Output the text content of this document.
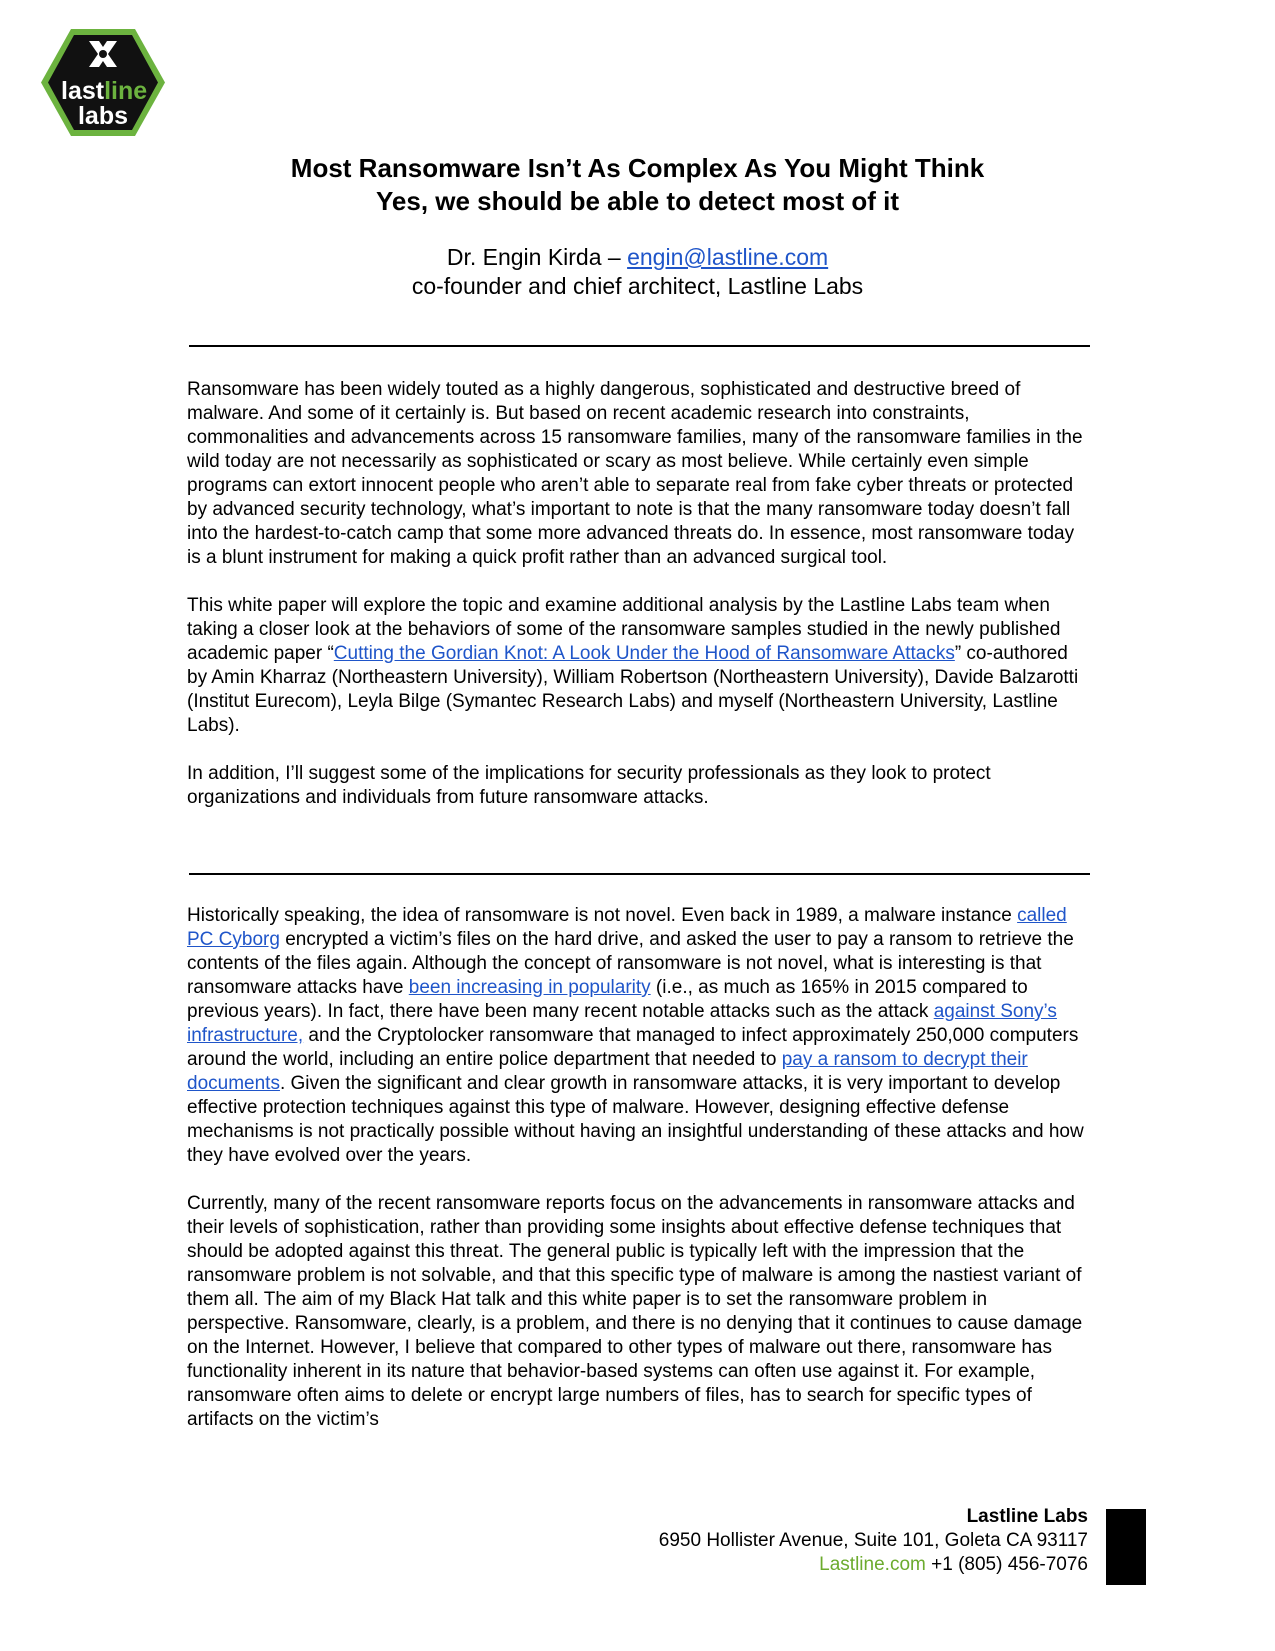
lastline
labs
Most Ransomware Isn’t As Complex As You Might Think
Yes, we should be able to detect most of it
Dr. Engin Kirda – engin@lastline.com
co-founder and chief architect, Lastline Labs

Ransomware has been widely touted as a highly dangerous, sophisticated and destructive breed of malware. And some of it certainly is. But based on recent academic research into constraints, commonalities and advancements across 15 ransomware families, many of the ransomware families in the wild today are not necessarily as sophisticated or scary as most believe. While certainly even simple programs can extort innocent people who aren’t able to separate real from fake cyber threats or protected by advanced security technology, what’s important to note is that the many ransomware today doesn’t fall into the hardest-to-catch camp that some more advanced threats do. In essence, most ransomware today is a blunt instrument for making a quick profit rather than an advanced surgical tool.

This white paper will explore the topic and examine additional analysis by the Lastline Labs team when taking a closer look at the behaviors of some of the ransomware samples studied in the newly published academic paper “Cutting the Gordian Knot: A Look Under the Hood of Ransomware Attacks” co-authored by Amin Kharraz (Northeastern University), William Robertson (Northeastern University), Davide Balzarotti (Institut Eurecom), Leyla Bilge (Symantec Research Labs) and myself (Northeastern University, Lastline Labs).

In addition, I’ll suggest some of the implications for security professionals as they look to protect organizations and individuals from future ransomware attacks.

Historically speaking, the idea of ransomware is not novel. Even back in 1989, a malware instance called PC Cyborg encrypted a victim’s files on the hard drive, and asked the user to pay a ransom to retrieve the contents of the files again. Although the concept of ransomware is not novel, what is interesting is that ransomware attacks have been increasing in popularity (i.e., as much as 165% in 2015 compared to previous years). In fact, there have been many recent notable attacks such as the attack against Sony’s infrastructure, and the Cryptolocker ransomware that managed to infect approximately 250,000 computers around the world, including an entire police department that needed to pay a ransom to decrypt their documents. Given the significant and clear growth in ransomware attacks, it is very important to develop effective protection techniques against this type of malware. However, designing effective defense mechanisms is not practically possible without having an insightful understanding of these attacks and how they have evolved over the years.

Currently, many of the recent ransomware reports focus on the advancements in ransomware attacks and their levels of sophistication, rather than providing some insights about effective defense techniques that should be adopted against this threat. The general public is typically left with the impression that the ransomware problem is not solvable, and that this specific type of malware is among the nastiest variant of them all. The aim of my Black Hat talk and this white paper is to set the ransomware problem in perspective. Ransomware, clearly, is a problem, and there is no denying that it continues to cause damage on the Internet. However, I believe that compared to other types of malware out there, ransomware has functionality inherent in its nature that behavior-based systems can often use against it. For example, ransomware often aims to delete or encrypt large numbers of files, has to search for specific types of artifacts on the victim’s

Lastline Labs
6950 Hollister Avenue, Suite 101, Goleta CA 93117
Lastline.com +1 (805) 456-7076
